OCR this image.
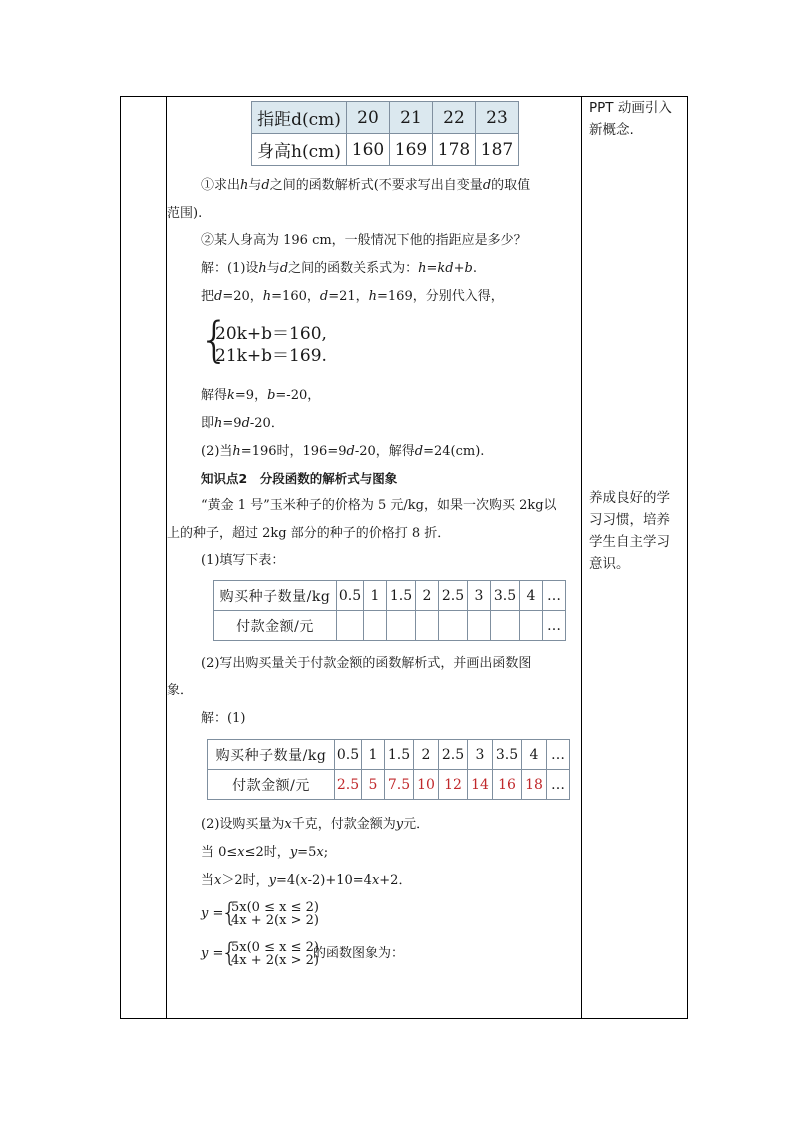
PPT 动画引入
新概念.
养成良好的学
习习惯，培养
学生自主学习
意识。
指距d(cm)	20	21	22	23
身高h(cm)	160	169	178	187
①求出h与d之间的函数解析式(不要求写出自变量d的取值
范围).
②某人身高为 196 cm，一般情况下他的指距应是多少？
解：(1)设h与d之间的函数关系式为：h=kd+b.
把d=20，h=160，d=21，h=169，分别代入得，
{
20k+b＝160,
21k+b＝169.
解得k=9，b=-20，
即h=9d-20．
(2)当h=196时，196=9d-20，解得d=24(cm).
知识点2　分段函数的解析式与图象
“黄金 1 号”玉米种子的价格为 5 元/kg，如果一次购买 2kg以
上的种子，超过 2kg 部分的种子的价格打 8 折．
(1)填写下表：
购买种子数量/kg	0.5	1	1.5	2	2.5	3	3.5	4	…
付款金额/元									…
(2)写出购买量关于付款金额的函数解析式，并画出函数图
象．
解：(1)
购买种子数量/kg	0.5	1	1.5	2	2.5	3	3.5	4	…
付款金额/元	2.5	5	7.5	10	12	14	16	18	…
(2)设购买量为x千克，付款金额为y元．
当 0≤x≤2时，y=5x;
当x＞2时，y=4(x-2)+10=4x+2．
y =
{
5x(0 ≤ x ≤ 2)
4x + 2(x > 2)
y =
{
5x(0 ≤ x ≤ 2)
4x + 2(x > 2)
的函数图象为：
